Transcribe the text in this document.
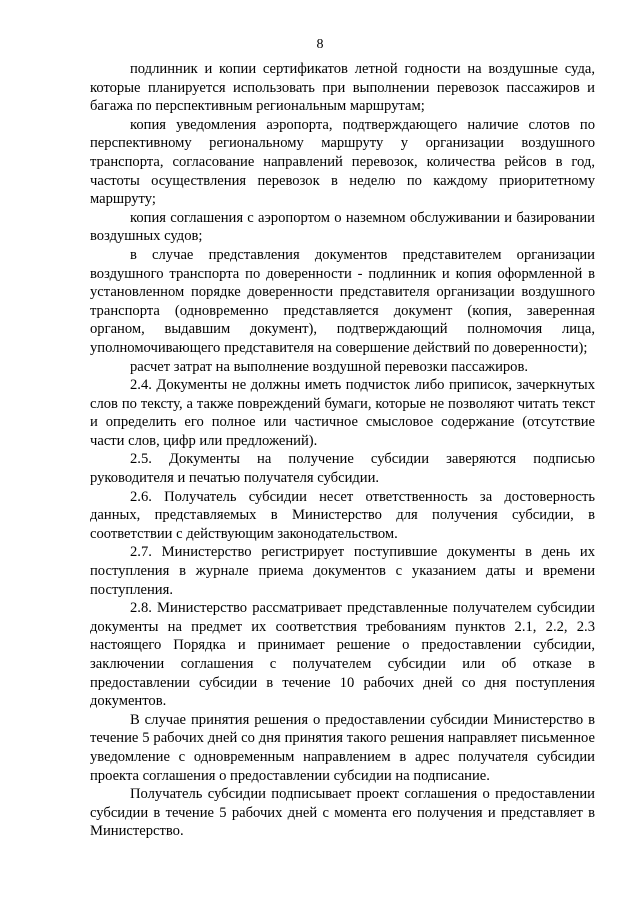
8

подлинник и копии сертификатов летной годности на воздушные суда, которые планируется использовать при выполнении перевозок пассажиров и багажа по перспективным региональным маршрутам;

копия уведомления аэропорта, подтверждающего наличие слотов по перспективному региональному маршруту у организации воздушного транспорта, согласование направлений перевозок, количества рейсов в год, частоты осуществления перевозок в неделю по каждому приоритетному маршруту;

копия соглашения с аэропортом о наземном обслуживании и базировании воздушных судов;

в случае представления документов представителем организации воздушного транспорта по доверенности - подлинник и копия оформленной в установленном порядке доверенности представителя организации воздушного транспорта (одновременно представляется документ (копия, заверенная органом, выдавшим документ), подтверждающий полномочия лица, уполномочивающего представителя на совершение действий по доверенности);

расчет затрат на выполнение воздушной перевозки пассажиров.

2.4. Документы не должны иметь подчисток либо приписок, зачеркнутых слов по тексту, а также повреждений бумаги, которые не позволяют читать текст и определить его полное или частичное смысловое содержание (отсутствие части слов, цифр или предложений).

2.5. Документы на получение субсидии заверяются подписью руководителя и печатью получателя субсидии.

2.6. Получатель субсидии несет ответственность за достоверность данных, представляемых в Министерство для получения субсидии, в соответствии с действующим законодательством.

2.7. Министерство регистрирует поступившие документы в день их поступления в журнале приема документов с указанием даты и времени поступления.

2.8. Министерство рассматривает представленные получателем субсидии документы на предмет их соответствия требованиям пунктов 2.1, 2.2, 2.3 настоящего Порядка и принимает решение о предоставлении субсидии, заключении соглашения с получателем субсидии или об отказе в предоставлении субсидии в течение 10 рабочих дней со дня поступления документов.

В случае принятия решения о предоставлении субсидии Министерство в течение 5 рабочих дней со дня принятия такого решения направляет письменное уведомление с одновременным направлением в адрес получателя субсидии проекта соглашения о предоставлении субсидии на подписание.

Получатель субсидии подписывает проект соглашения о предоставлении субсидии в течение 5 рабочих дней с момента его получения и представляет в Министерство.
